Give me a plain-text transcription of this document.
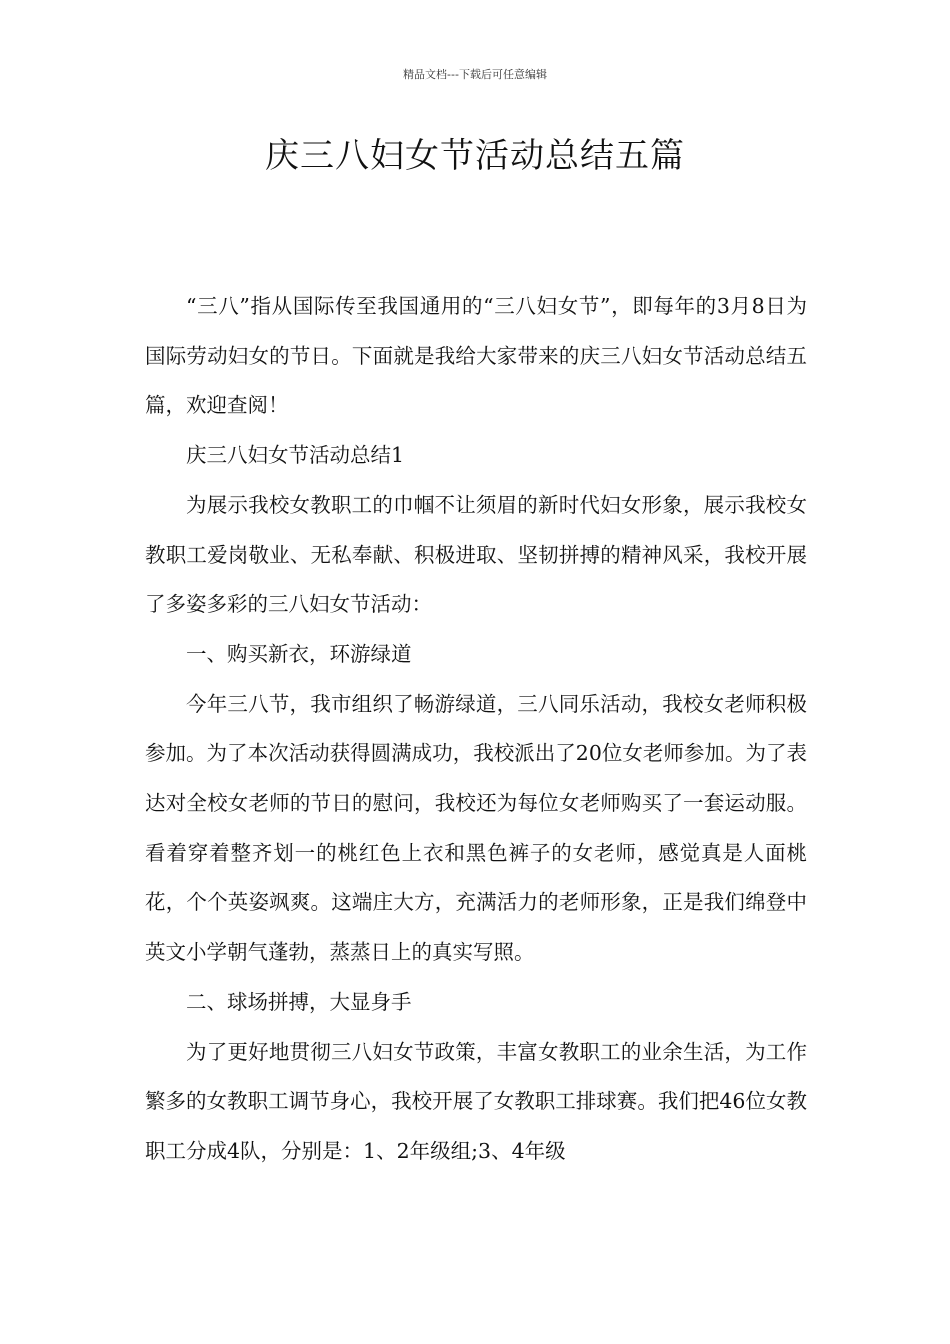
精品文档---下载后可任意编辑
庆三八妇女节活动总结五篇

“三八”指从国际传至我国通用的“三八妇女节”，即每年的3月8日为国际劳动妇女的节日。下面就是我给大家带来的庆三八妇女节活动总结五篇，欢迎查阅！

庆三八妇女节活动总结1

为展示我校女教职工的巾帼不让须眉的新时代妇女形象，展示我校女教职工爱岗敬业、无私奉献、积极进取、坚韧拼搏的精神风采，我校开展了多姿多彩的三八妇女节活动：

一、购买新衣，环游绿道

今年三八节，我市组织了畅游绿道，三八同乐活动，我校女老师积极参加。为了本次活动获得圆满成功，我校派出了20位女老师参加。为了表达对全校女老师的节日的慰问，我校还为每位女老师购买了一套运动服。看着穿着整齐划一的桃红色上衣和黑色裤子的女老师，感觉真是人面桃花，个个英姿飒爽。这端庄大方，充满活力的老师形象，正是我们绵登中英文小学朝气蓬勃，蒸蒸日上的真实写照。

二、球场拼搏，大显身手

为了更好地贯彻三八妇女节政策，丰富女教职工的业余生活，为工作繁多的女教职工调节身心，我校开展了女教职工排球赛。我们把46位女教职工分成4队，分别是：1、2年级组;3、4年级
